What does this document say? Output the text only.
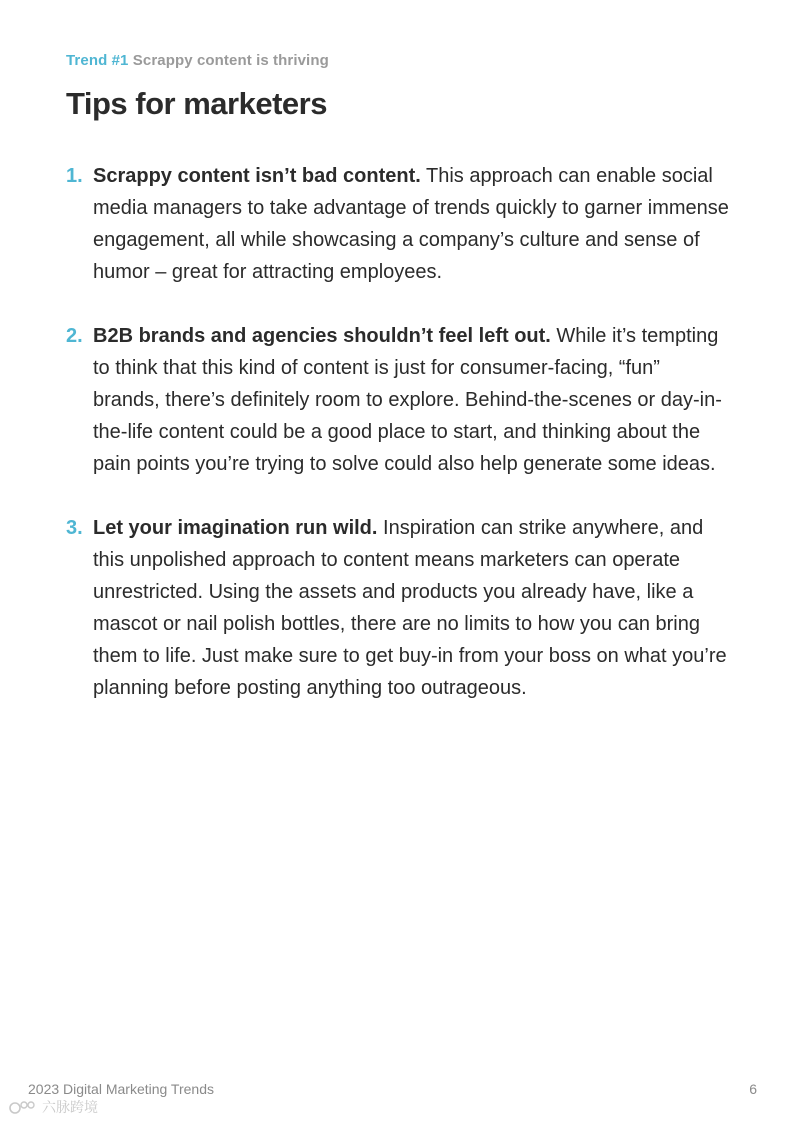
Trend #1 Scrappy content is thriving
Tips for marketers
1. Scrappy content isn’t bad content. This approach can enable social media managers to take advantage of trends quickly to garner immense engagement, all while showcasing a company’s culture and sense of humor – great for attracting employees.
2. B2B brands and agencies shouldn’t feel left out. While it’s tempting to think that this kind of content is just for consumer-facing, “fun” brands, there’s definitely room to explore. Behind-the-scenes or day-in-the-life content could be a good place to start, and thinking about the pain points you’re trying to solve could also help generate some ideas.
3. Let your imagination run wild. Inspiration can strike anywhere, and this unpolished approach to content means marketers can operate unrestricted. Using the assets and products you already have, like a mascot or nail polish bottles, there are no limits to how you can bring them to life. Just make sure to get buy-in from your boss on what you’re planning before posting anything too outrageous.
2023 Digital Marketing Trends	6
六脉跨境
